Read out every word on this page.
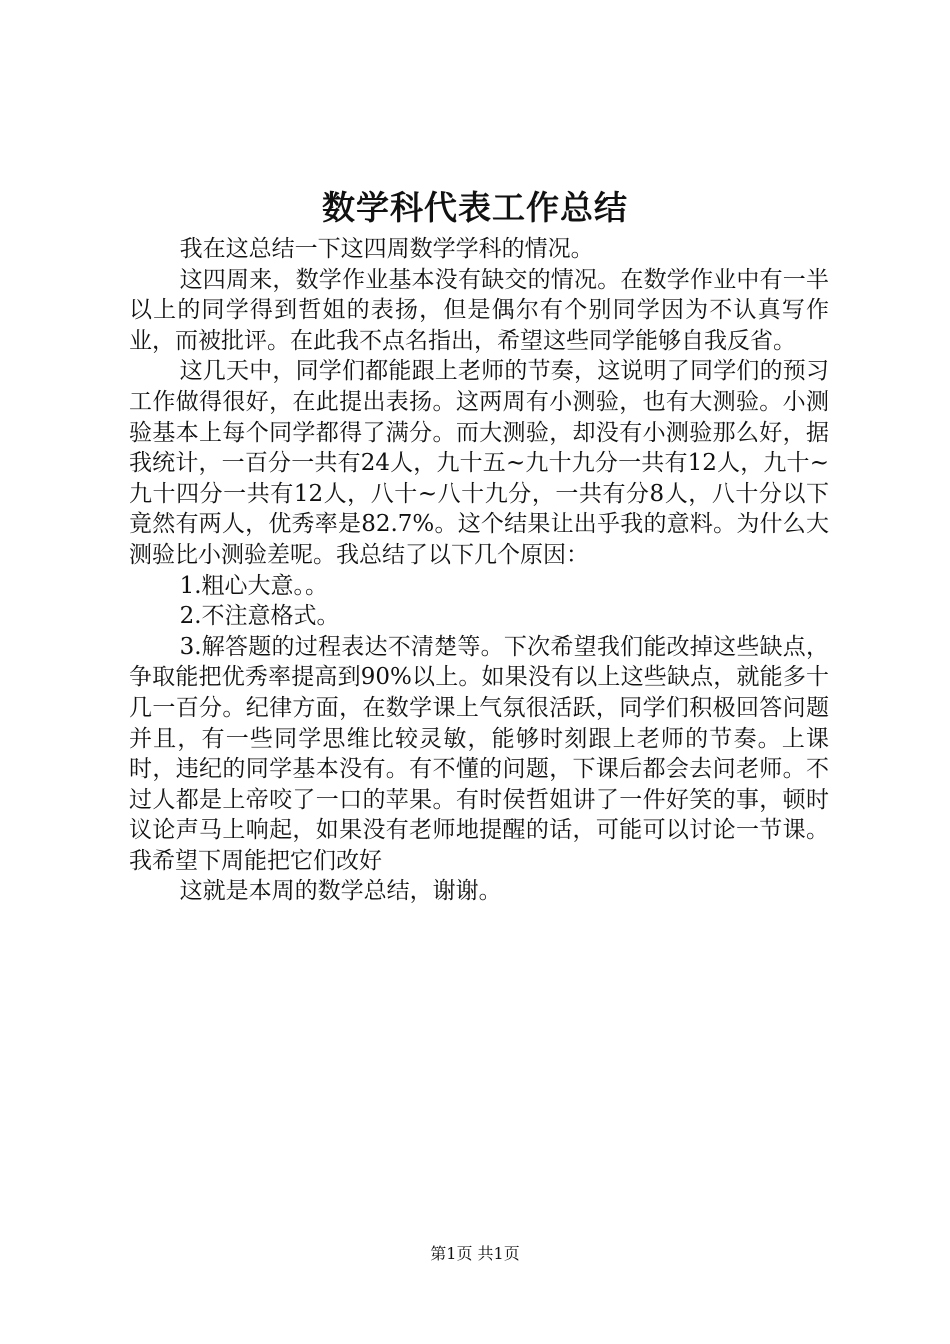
数学科代表工作总结

我在这总结一下这四周数学学科的情况。

这四周来，数学作业基本没有缺交的情况。在数学作业中有一半以上的同学得到哲姐的表扬，但是偶尔有个别同学因为不认真写作业，而被批评。在此我不点名指出，希望这些同学能够自我反省。

这几天中，同学们都能跟上老师的节奏，这说明了同学们的预习工作做得很好，在此提出表扬。这两周有小测验，也有大测验。小测验基本上每个同学都得了满分。而大测验，却没有小测验那么好，据我统计，一百分一共有24人，九十五~九十九分一共有12人，九十~九十四分一共有12人，八十~八十九分，一共有分8人，八十分以下竟然有两人，优秀率是82.7%。这个结果让出乎我的意料。为什么大测验比小测验差呢。我总结了以下几个原因：

1.粗心大意。。

2.不注意格式。

3.解答题的过程表达不清楚等。下次希望我们能改掉这些缺点，争取能把优秀率提高到90%以上。如果没有以上这些缺点，就能多十几一百分。纪律方面，在数学课上气氛很活跃，同学们积极回答问题并且，有一些同学思维比较灵敏，能够时刻跟上老师的节奏。上课时，违纪的同学基本没有。有不懂的问题，下课后都会去问老师。不过人都是上帝咬了一口的苹果。有时侯哲姐讲了一件好笑的事，顿时议论声马上响起，如果没有老师地提醒的话，可能可以讨论一节课。我希望下周能把它们改好

这就是本周的数学总结，谢谢。

第1页 共1页
